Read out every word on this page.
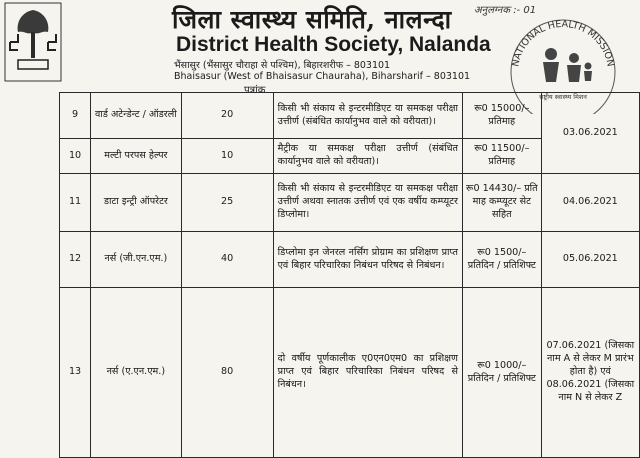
जिला स्वास्थ्य समिति, नालन्दा
District Health Society, Nalanda
भैंसासुर (भैंसासुर चौराहा से पश्चिम), बिहारशरीफ – 803101
Bhaisasur (West of Bhaisasur Chauraha), Biharsharif – 803101
पत्रांक
अनुलग्नक :- 01
NATIONAL HEALTH MISSION
राष्ट्रीय स्वास्थ्य मिशन
9	वार्ड अटेन्डेन्ट / ऑडरली	20	किसी भी संकाय से इन्टरमीडिएट या समकक्ष परीक्षा उत्तीर्ण (संबंधित कार्यानुभव वाले को वरीयता)।	रू0 15000/– प्रतिमाह	03.06.2021
10	मल्टी परपस हेल्पर	10	मैट्रीक या समकक्ष परीक्षा उत्तीर्ण (संबंधित कार्यानुभव वाले को वरीयता)।	रू0 11500/– प्रतिमाह	
11	डाटा इन्ट्री ऑपरेटर	25	किसी भी संकाय से इन्टरमीडिएट या समकक्ष परीक्षा उत्तीर्ण अथवा स्नातक उत्तीर्ण एवं एक वर्षीय कम्प्यूटर डिप्लोमा।	रू0 14430/– प्रति माह कम्प्यूटर सेट सहित	04.06.2021
12	नर्स (जी.एन.एम.)	40	डिप्लोमा इन जेनरल नर्सिंग प्रोग्राम का प्रशिक्षण प्राप्त एवं बिहार परिचारिका निबंधन परिषद से निबंधन।	रू0 1500/– प्रतिदिन / प्रतिशिफ्ट	05.06.2021
13	नर्स (ए.एन.एम.)	80	दो वर्षीय पूर्णकालीक ए0एन0एम0 का प्रशिक्षण प्राप्त एवं बिहार परिचारिका निबंधन परिषद से निबंधन।	रू0 1000/– प्रतिदिन / प्रतिशिफ्ट	07.06.2021 (जिसका नाम A से लेकर M प्रारंभ होता है) एवं 08.06.2021 (जिसका नाम N से लेकर Z
